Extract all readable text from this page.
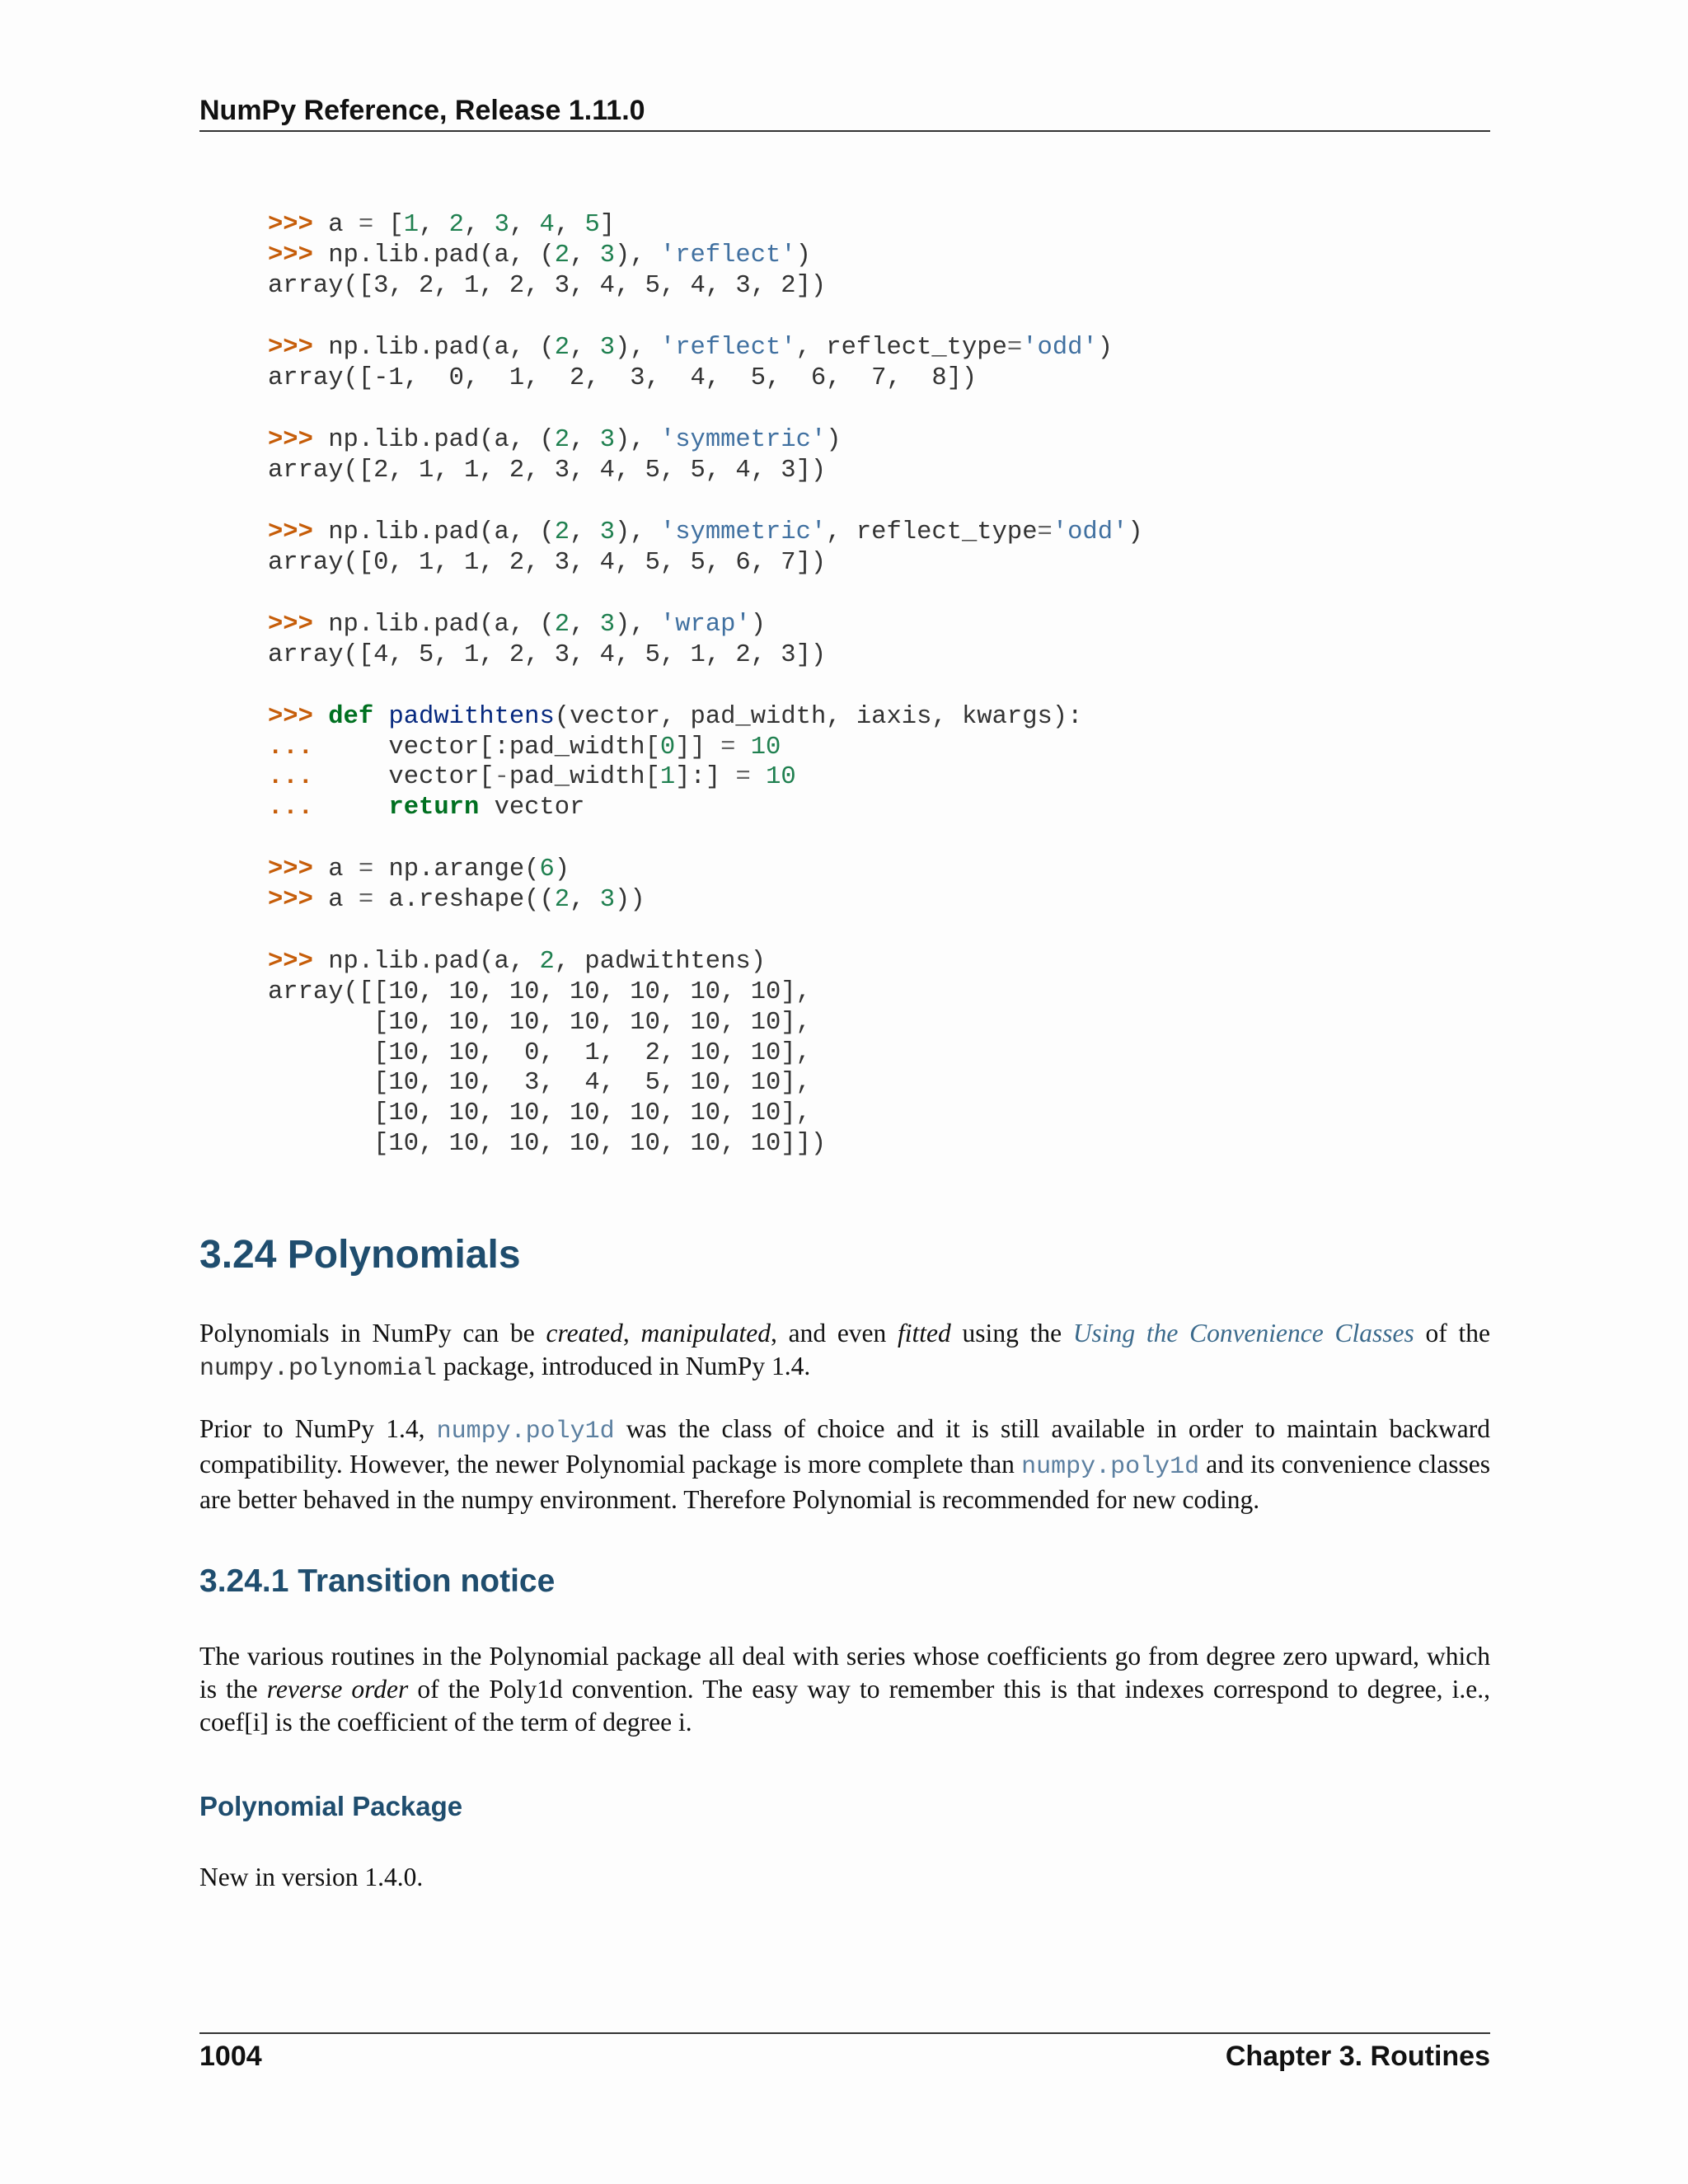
NumPy Reference, Release 1.11.0
>>> a = [1, 2, 3, 4, 5]
>>> np.lib.pad(a, (2, 3), 'reflect')
array([3, 2, 1, 2, 3, 4, 5, 4, 3, 2])
>>> np.lib.pad(a, (2, 3), 'reflect', reflect_type='odd')
array([-1,  0,  1,  2,  3,  4,  5,  6,  7,  8])
>>> np.lib.pad(a, (2, 3), 'symmetric')
array([2, 1, 1, 2, 3, 4, 5, 5, 4, 3])
>>> np.lib.pad(a, (2, 3), 'symmetric', reflect_type='odd')
array([0, 1, 1, 2, 3, 4, 5, 5, 6, 7])
>>> np.lib.pad(a, (2, 3), 'wrap')
array([4, 5, 1, 2, 3, 4, 5, 1, 2, 3])
>>> def padwithtens(vector, pad_width, iaxis, kwargs):
...     vector[:pad_width[0]] = 10
...     vector[-pad_width[1]:] = 10
...     return vector
>>> a = np.arange(6)
>>> a = a.reshape((2, 3))
>>> np.lib.pad(a, 2, padwithtens)
array([[10, 10, 10, 10, 10, 10, 10],
[10, 10, 10, 10, 10, 10, 10],
[10, 10,  0,  1,  2, 10, 10],
[10, 10,  3,  4,  5, 10, 10],
[10, 10, 10, 10, 10, 10, 10],
[10, 10, 10, 10, 10, 10, 10]])
3.24 Polynomials

Polynomials in NumPy can be created, manipulated, and even fitted using the Using the Convenience Classes of the numpy.polynomial package, introduced in NumPy 1.4.

Prior to NumPy 1.4, numpy.poly1d was the class of choice and it is still available in order to maintain backward compatibility. However, the newer Polynomial package is more complete than numpy.poly1d and its convenience classes are better behaved in the numpy environment. Therefore Polynomial is recommended for new coding.

3.24.1 Transition notice

The various routines in the Polynomial package all deal with series whose coefficients go from degree zero upward, which is the reverse order of the Poly1d convention. The easy way to remember this is that indexes correspond to degree, i.e., coef[i] is the coefficient of the term of degree i.

Polynomial Package

New in version 1.4.0.

1004	Chapter 3. Routines
